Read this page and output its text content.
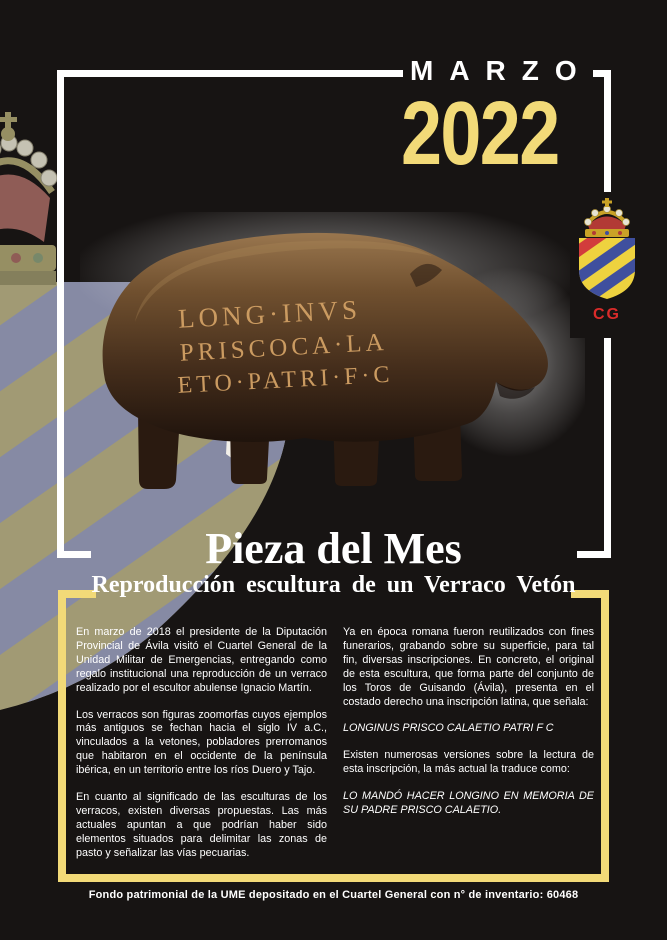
MARZO
2022
CG
LONG·INVS
PRISCOCA·LA
ETO·PATRI·F·C
Pieza del Mes
Reproducción escultura de un Verraco Vetón

En marzo de 2018 el presidente de la Diputación Provincial de Ávila visitó el Cuartel General de la Unidad Militar de Emergencias, entregando como regalo institucional una reproducción de un verraco realizado por el escultor abulense Ignacio Martín.

Los verracos son figuras zoomorfas cuyos ejemplos más antiguos se fechan hacia el siglo IV a.C., vinculados a la vetones, pobladores prerromanos que habitaron en el occidente de la península ibérica, en un territorio entre los ríos Duero y Tajo.

En cuanto al significado de las esculturas de los verracos, existen diversas propuestas. Las más actuales apuntan a que podrían haber sido elementos situados para delimitar las zonas de pasto y señalizar las vías pecuarias.

Ya en época romana fueron reutilizados con fines funerarios, grabando sobre su superficie, para tal fin, diversas inscripciones. En concreto, el original de esta escultura, que forma parte del conjunto de los Toros de Guisando (Ávila), presenta en el costado derecho una inscripción latina, que señala:

LONGINUS PRISCO CALAETIO PATRI F C

Existen numerosas versiones sobre la lectura de esta inscripción, la más actual la traduce como:

LO MANDÓ HACER LONGINO EN MEMORIA DE SU PADRE PRISCO CALAETIO.

Fondo patrimonial de la UME depositado en el Cuartel General con n° de inventario: 60468
